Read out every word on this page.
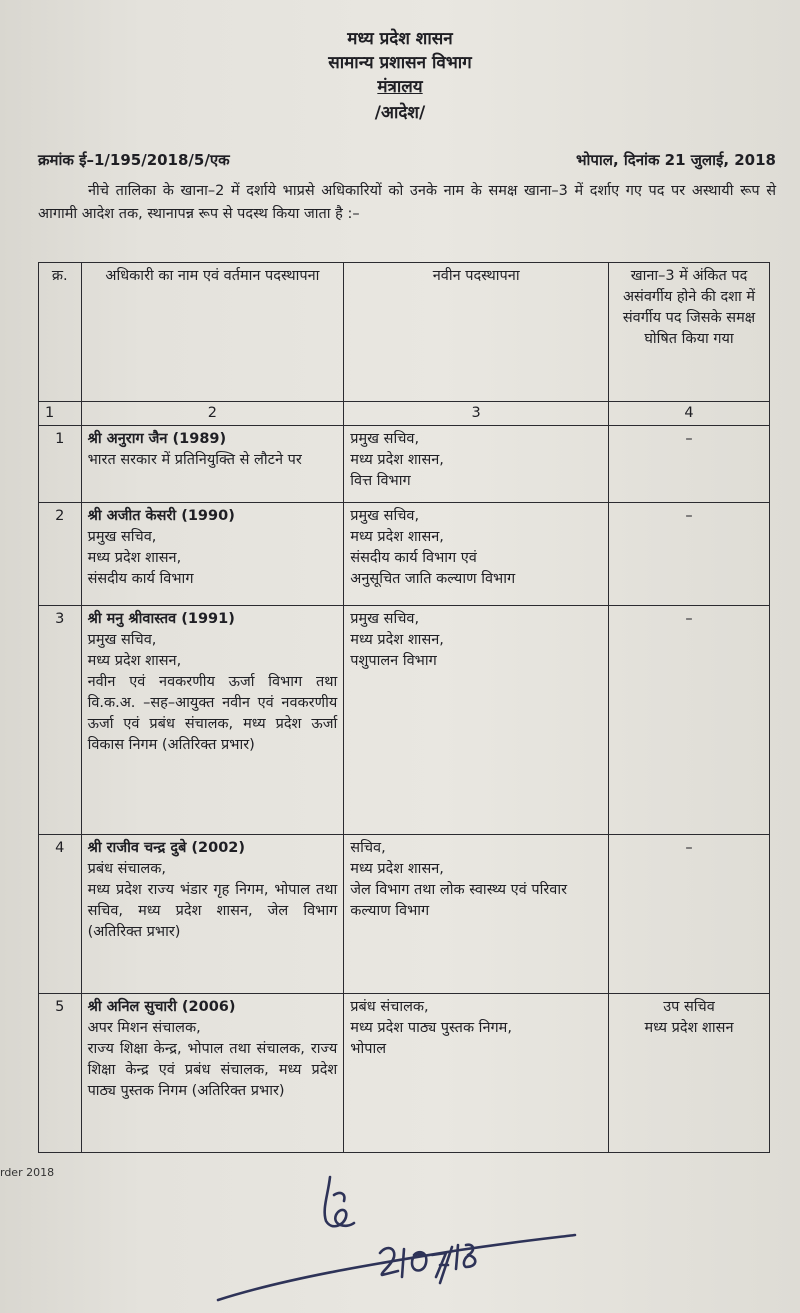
मध्य प्रदेश शासन
सामान्य प्रशासन विभाग
मंत्रालय
/आदेश/
क्रमांक ई–1/195/2018/5/एक	भोपाल, दिनांक 21 जुलाई, 2018
नीचे तालिका के खाना–2 में दर्शाये भाप्रसे अधिकारियों को उनके नाम के समक्ष खाना–3 में दर्शाए गए पद पर अस्थायी रूप से आगामी आदेश तक, स्थानापन्न रूप से पदस्थ किया जाता है :–
क्र.	अधिकारी का नाम एवं वर्तमान पदस्थापना	नवीन पदस्थापना	खाना–3 में अंकित पद असंवर्गीय होने की दशा में संवर्गीय पद जिसके समक्ष घोषित किया गया
1	2	3	4
1	श्री अनुराग जैन (1989)
भारत सरकार में प्रतिनियुक्ति से लौटने पर	प्रमुख सचिव,
मध्य प्रदेश शासन,
वित्त विभाग	–

2	श्री अजीत केसरी (1990)
प्रमुख सचिव,
मध्य प्रदेश शासन,
संसदीय कार्य विभाग	प्रमुख सचिव,
मध्य प्रदेश शासन,
संसदीय कार्य विभाग एवं
अनुसूचित जाति कल्याण विभाग	–

3	श्री मनु श्रीवास्तव (1991)
प्रमुख सचिव,
मध्य प्रदेश शासन,
नवीन एवं नवकरणीय ऊर्जा विभाग तथा वि.क.अ. –सह–आयुक्त नवीन एवं नवकरणीय ऊर्जा एवं प्रबंध संचालक, मध्य प्रदेश ऊर्जा विकास निगम (अतिरिक्त प्रभार)	प्रमुख सचिव,
मध्य प्रदेश शासन,
पशुपालन विभाग	–

4	श्री राजीव चन्द्र दुबे (2002)
प्रबंध संचालक,
मध्य प्रदेश राज्य भंडार गृह निगम, भोपाल तथा सचिव, मध्य प्रदेश शासन, जेल विभाग (अतिरिक्त प्रभार)	सचिव,
मध्य प्रदेश शासन,
जेल विभाग तथा लोक स्वास्थ्य एवं परिवार कल्याण विभाग	–

5	श्री अनिल सुचारी (2006)
अपर मिशन संचालक,
राज्य शिक्षा केन्द्र, भोपाल तथा संचालक, राज्य शिक्षा केन्द्र एवं प्रबंध संचालक, मध्य प्रदेश पाठ्य पुस्तक निगम (अतिरिक्त प्रभार)	प्रबंध संचालक,
मध्य प्रदेश पाठ्य पुस्तक निगम,
भोपाल	उप सचिव
मध्य प्रदेश शासन
rder 2018
